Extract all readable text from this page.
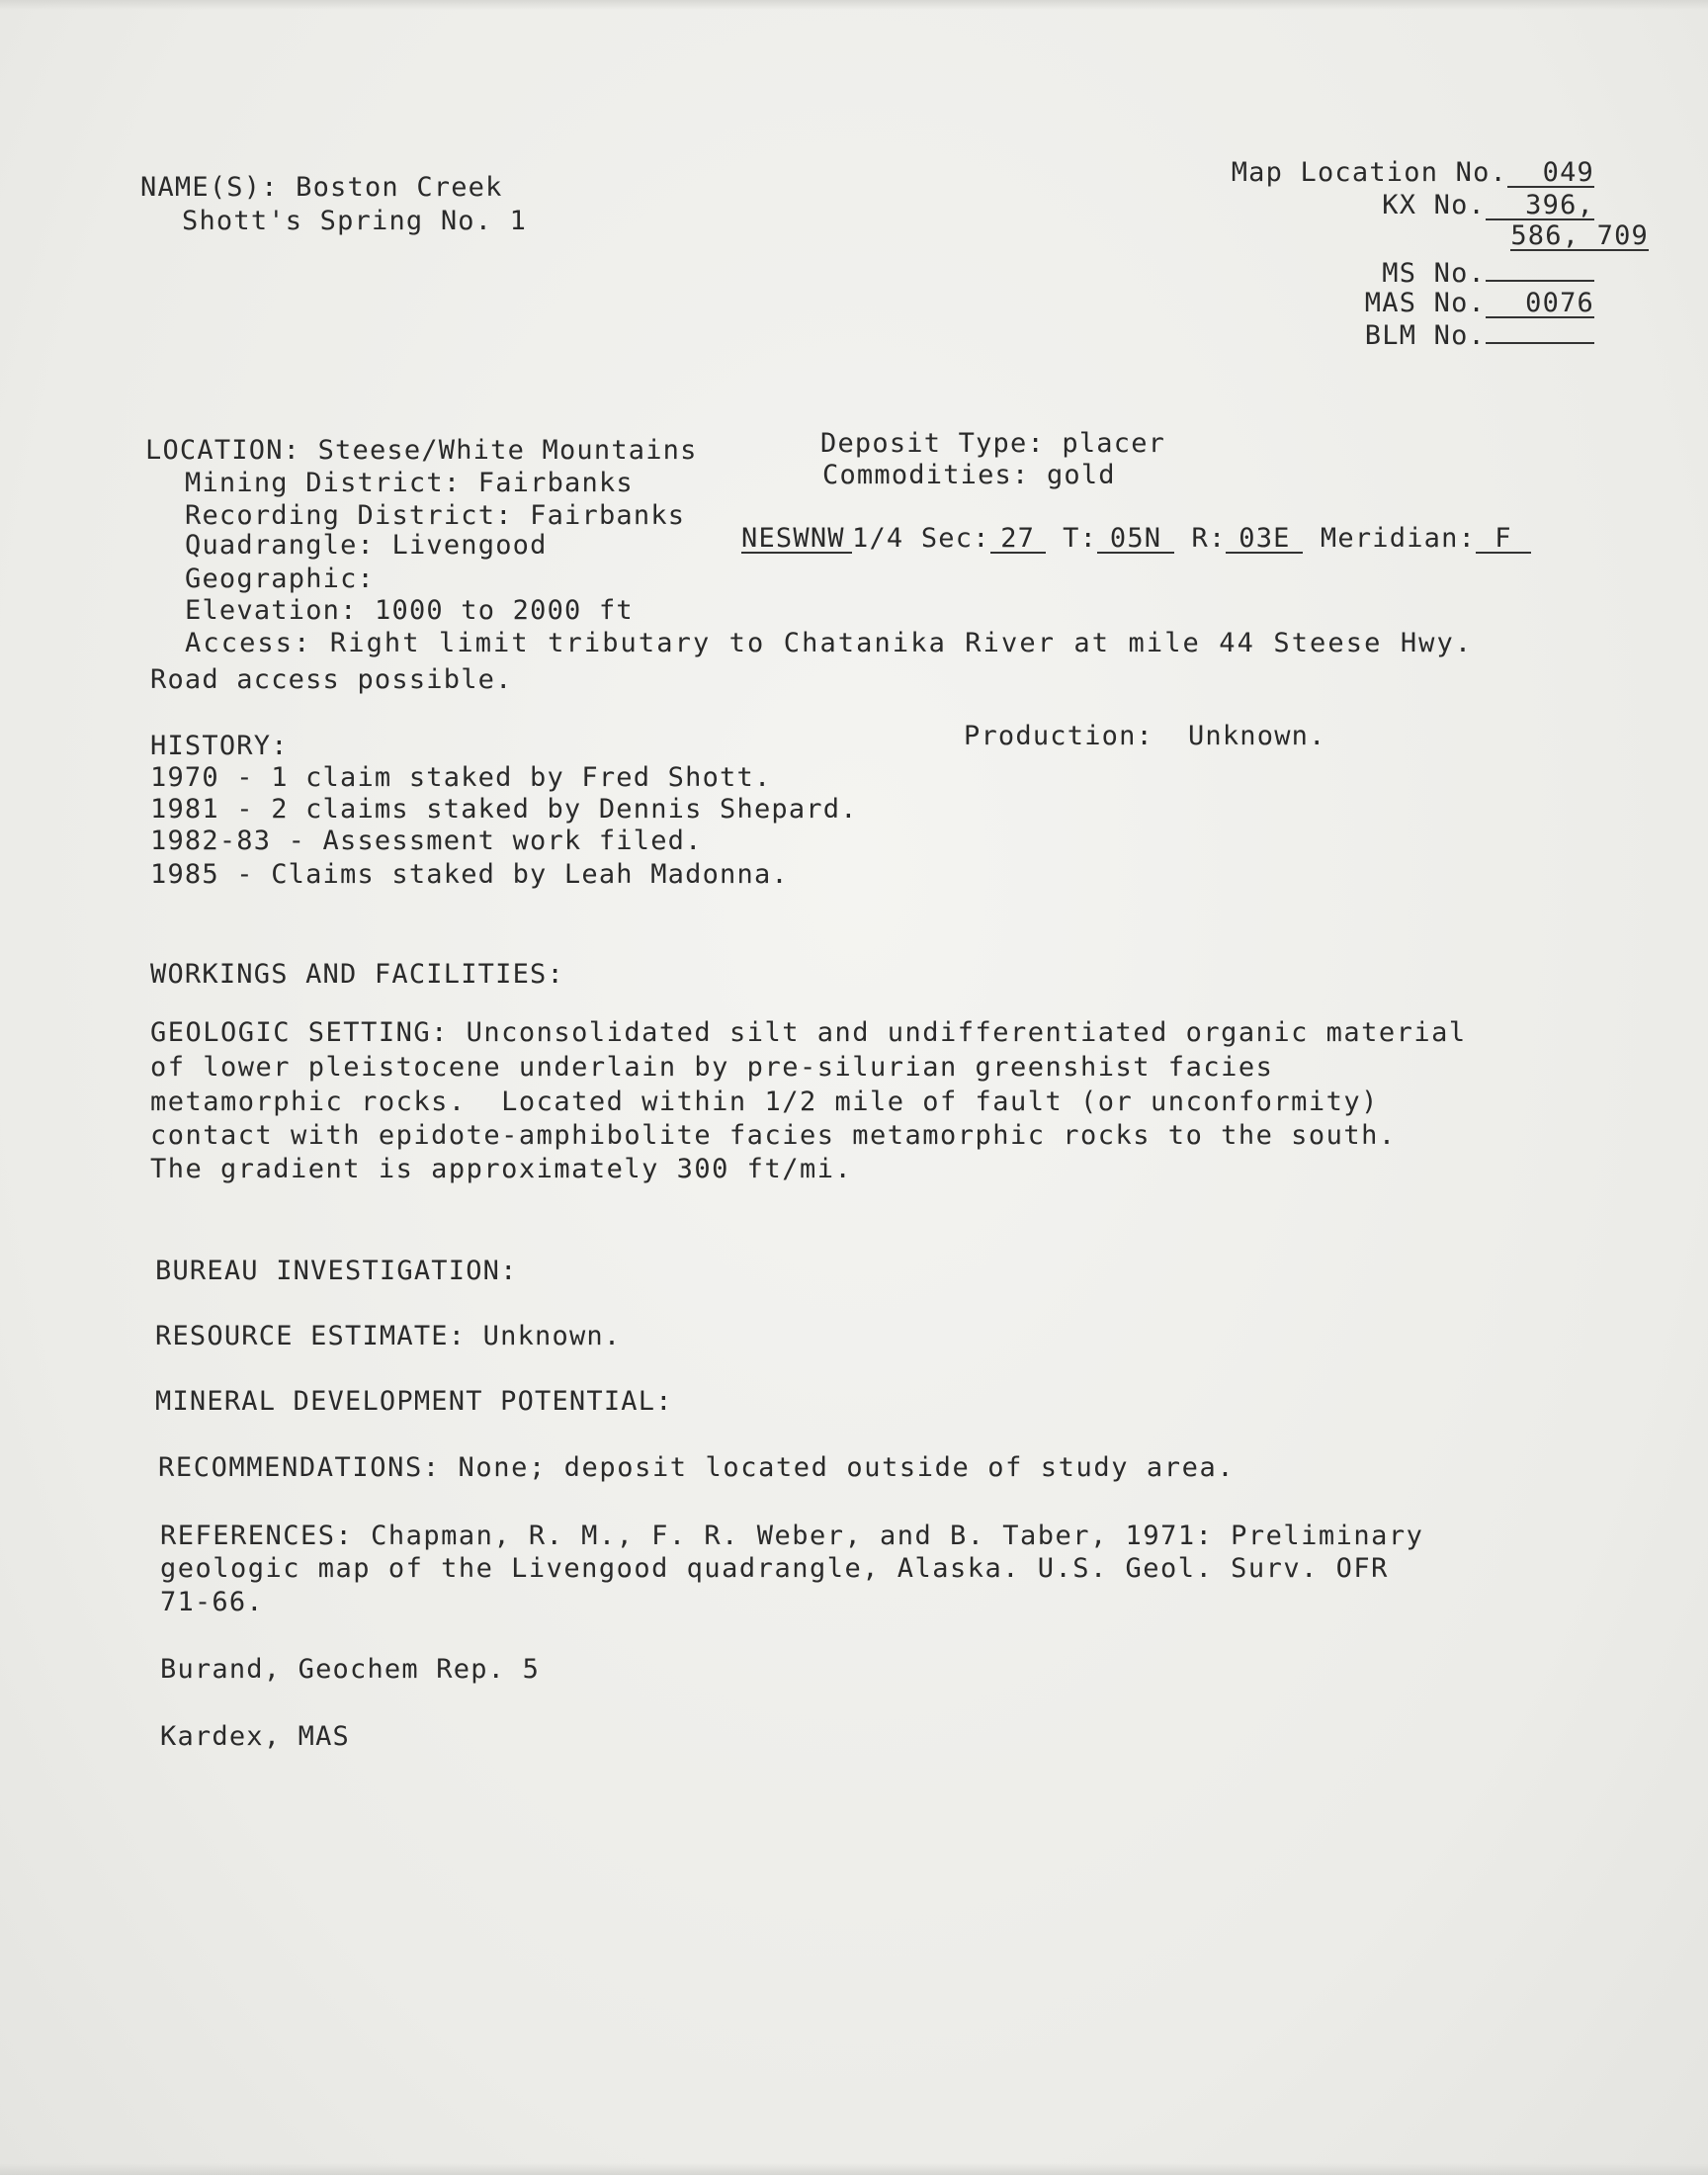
NAME(S): Boston Creek
Shott's Spring No. 1
Map Location No. 049
KX No. 396,
586, 709
MS No.
MAS No. 0076
BLM No.
LOCATION: Steese/White Mountains	Deposit Type: placer
Mining District: Fairbanks	Commodities: gold
Recording District: Fairbanks
Quadrangle: Livengood	NESWNW 1/4 Sec: 27 T: 05N R: 03E Meridian: F
Geographic:
Elevation: 1000 to 2000 ft
Access: Right limit tributary to Chatanika River at mile 44 Steese Hwy.
Road access possible.
HISTORY:	Production: Unknown.
1970 - 1 claim staked by Fred Shott.
1981 - 2 claims staked by Dennis Shepard.
1982-83 - Assessment work filed.
1985 - Claims staked by Leah Madonna.
WORKINGS AND FACILITIES:
GEOLOGIC SETTING: Unconsolidated silt and undifferentiated organic material
of lower pleistocene underlain by pre-silurian greenshist facies
metamorphic rocks.  Located within 1/2 mile of fault (or unconformity)
contact with epidote-amphibolite facies metamorphic rocks to the south.
The gradient is approximately 300 ft/mi.
BUREAU INVESTIGATION:
RESOURCE ESTIMATE: Unknown.
MINERAL DEVELOPMENT POTENTIAL:
RECOMMENDATIONS: None; deposit located outside of study area.
REFERENCES: Chapman, R. M., F. R. Weber, and B. Taber, 1971: Preliminary
geologic map of the Livengood quadrangle, Alaska. U.S. Geol. Surv. OFR
71-66.
Burand, Geochem Rep. 5
Kardex, MAS
